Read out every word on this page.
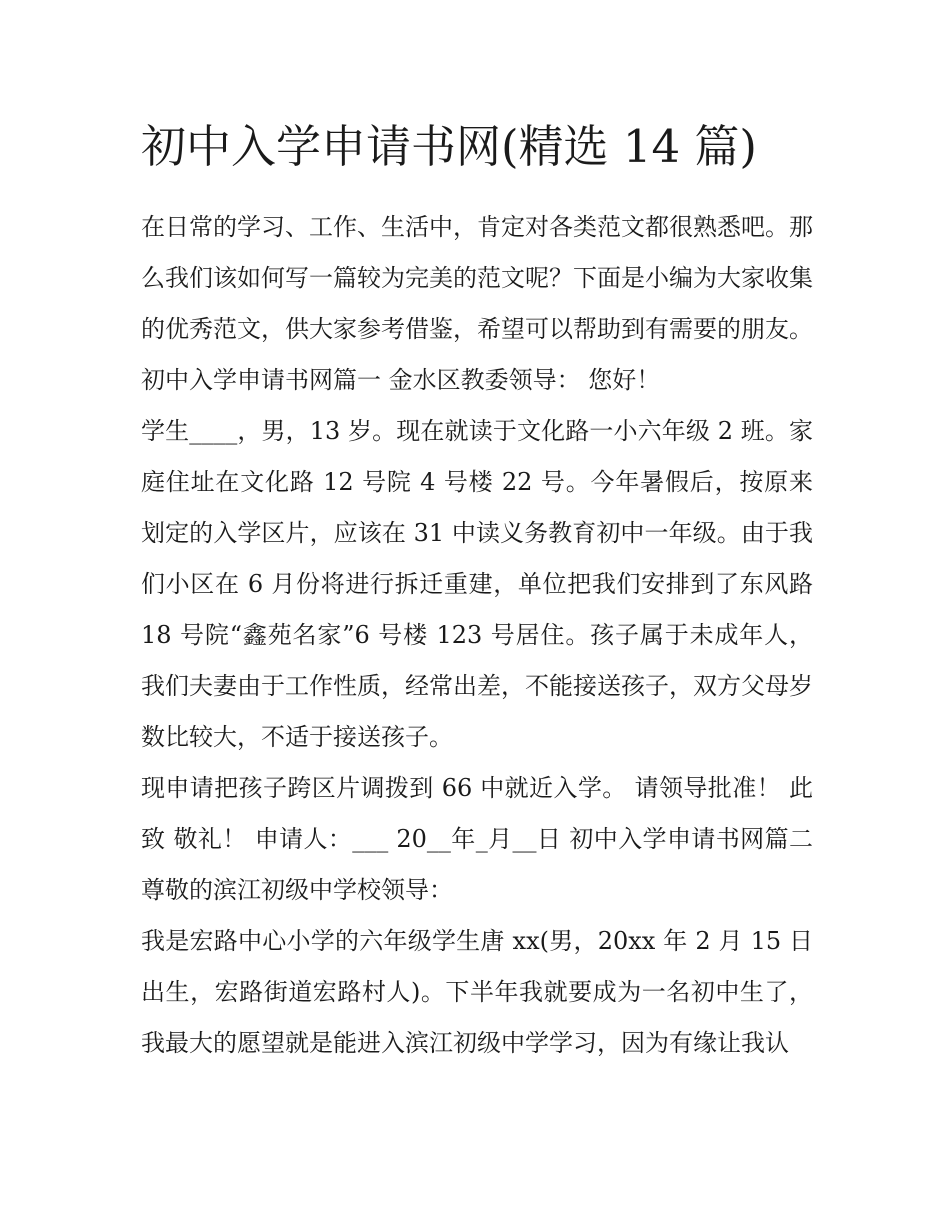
初中入学申请书网(精选 14 篇)

在日常的学习、工作、生活中，肯定对各类范文都很熟悉吧。那么我们该如何写一篇较为完美的范文呢？下面是小编为大家收集的优秀范文，供大家参考借鉴，希望可以帮助到有需要的朋友。

初中入学申请书网篇一 金水区教委领导： 您好！

学生____，男，13 岁。现在就读于文化路一小六年级 2 班。家庭住址在文化路 12 号院 4 号楼 22 号。今年暑假后，按原来划定的入学区片，应该在 31 中读义务教育初中一年级。由于我们小区在 6 月份将进行拆迁重建，单位把我们安排到了东风路 18 号院“鑫苑名家”6 号楼 123 号居住。孩子属于未成年人，我们夫妻由于工作性质，经常出差，不能接送孩子，双方父母岁数比较大，不适于接送孩子。

现申请把孩子跨区片调拨到 66 中就近入学。 请领导批准！ 此致 敬礼！ 申请人：___ 20__年_月__日 初中入学申请书网篇二 尊敬的滨江初级中学校领导：

我是宏路中心小学的六年级学生唐 xx(男，20xx 年 2 月 15 日出生，宏路街道宏路村人)。下半年我就要成为一名初中生了，我最大的愿望就是能进入滨江初级中学学习，因为有缘让我认
